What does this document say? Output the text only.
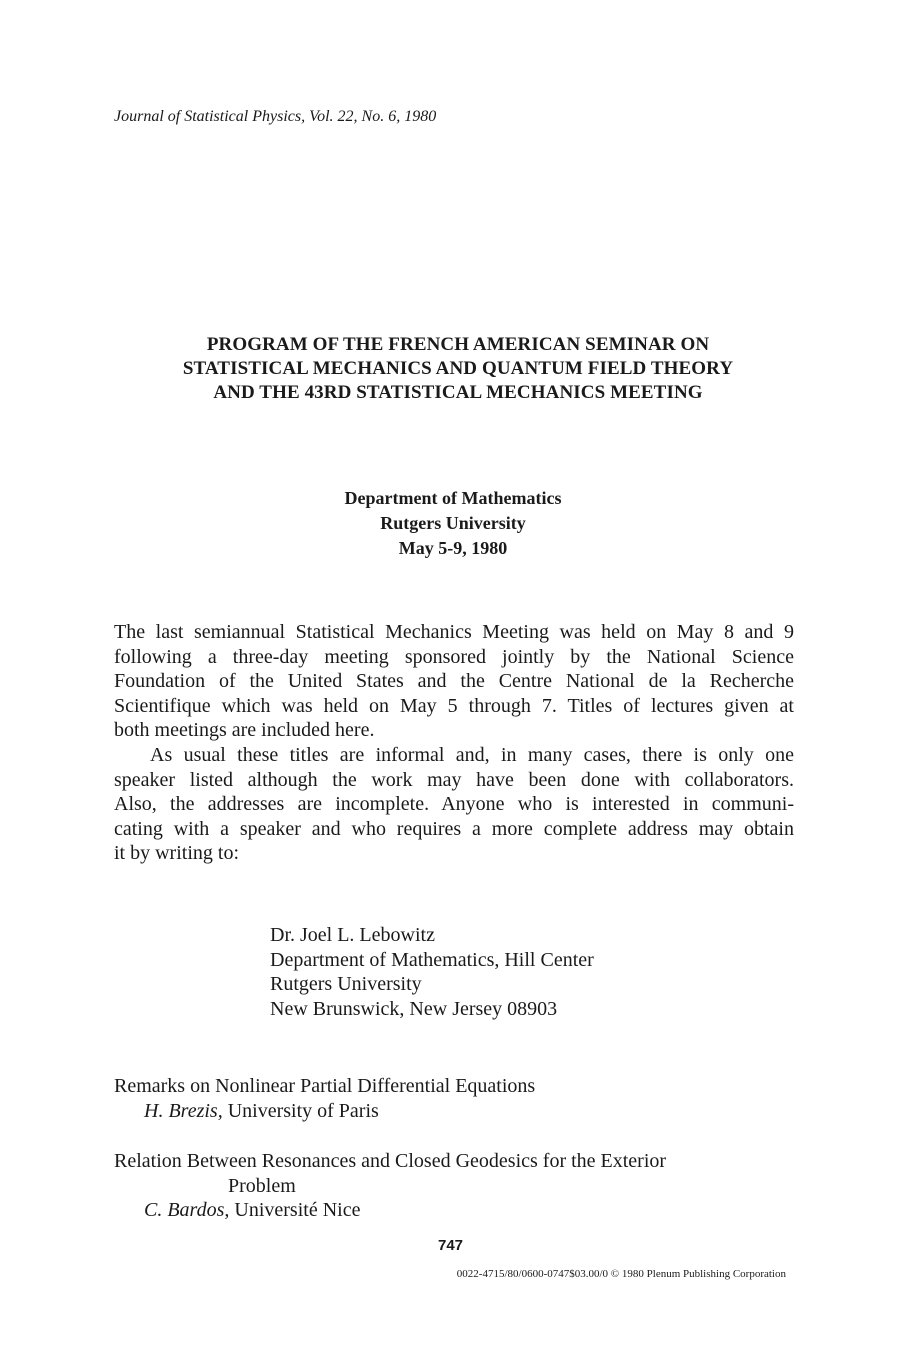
Journal of Statistical Physics, Vol. 22, No. 6, 1980
PROGRAM OF THE FRENCH AMERICAN SEMINAR ON
STATISTICAL MECHANICS AND QUANTUM FIELD THEORY
AND THE 43RD STATISTICAL MECHANICS MEETING
Department of Mathematics
Rutgers University
May 5-9, 1980
The last semiannual Statistical Mechanics Meeting was held on May 8 and 9
following a three-day meeting sponsored jointly by the National Science
Foundation of the United States and the Centre National de la Recherche
Scientifique which was held on May 5 through 7. Titles of lectures given at
both meetings are included here.
As usual these titles are informal and, in many cases, there is only one
speaker listed although the work may have been done with collaborators.
Also, the addresses are incomplete. Anyone who is interested in communi-
cating with a speaker and who requires a more complete address may obtain
it by writing to:
Dr. Joel L. Lebowitz
Department of Mathematics, Hill Center
Rutgers University
New Brunswick, New Jersey 08903
Remarks on Nonlinear Partial Differential Equations
H. Brezis, University of Paris
Relation Between Resonances and Closed Geodesics for the Exterior
Problem
C. Bardos, Université Nice
747
0022-4715/80/0600-0747$03.00/0 © 1980 Plenum Publishing Corporation
